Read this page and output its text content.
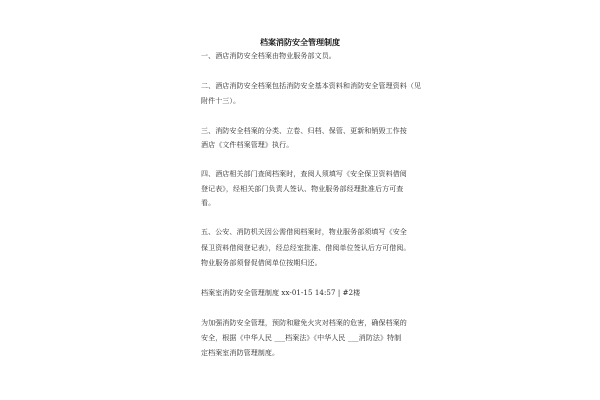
档案消防安全管理制度
一、酒店消防安全档案由物业服务部文员。
二、酒店消防安全档案包括消防安全基本资料和消防安全管理资料（见
附件十三）。
三、消防安全档案的分类、立卷、归档、保管、更新和销毁工作按
酒店《文件档案管理》执行。
四、酒店相关部门查阅档案时，查阅人须填写《安全保卫资料借阅
登记表》，经相关部门负责人签认、物业服务部经理批准后方可查
看。
五、公安、消防机关因公需借阅档案时，物业服务部须填写《安全
保卫资料借阅登记表》，经总经室批准、借阅单位签认后方可借阅。
物业服务部须督促借阅单位按期归还。
档案室消防安全管理制度 xx-01-15 14:57 | #2楼
为加强消防安全管理，预防和避免火灾对档案的危害，确保档案的
安全，根据《中华人民 ___档案法》《中华人民 ___消防法》特制
定档案室消防管理制度。
